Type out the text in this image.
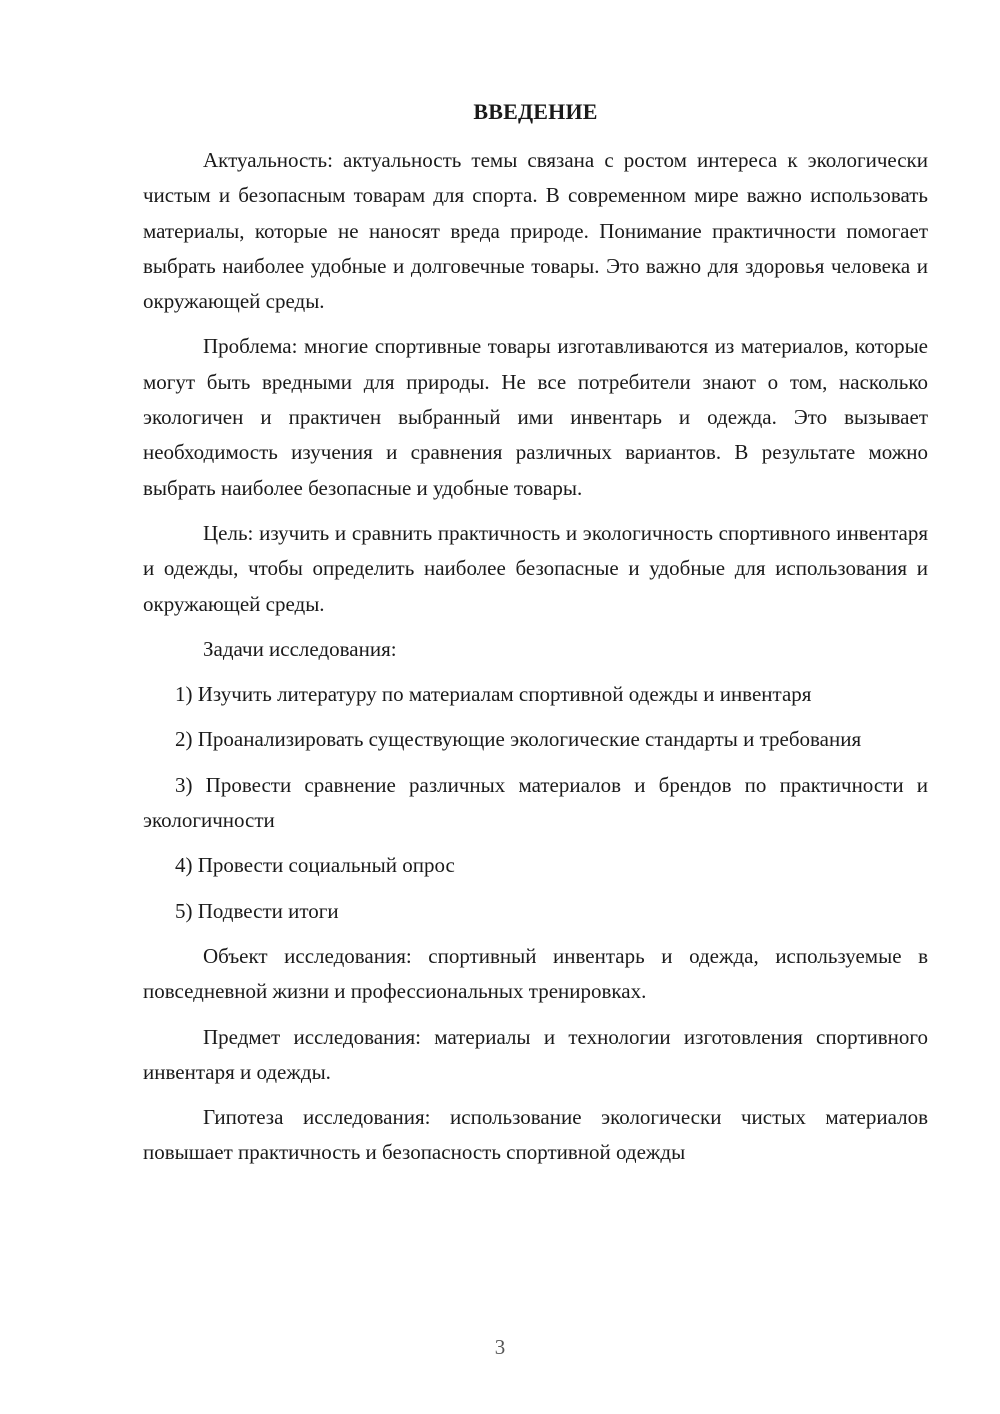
ВВЕДЕНИЕ

Актуальность: актуальность темы связана с ростом интереса к экологически чистым и безопасным товарам для спорта. В современном мире важно использовать материалы, которые не наносят вреда природе. Понимание практичности помогает выбрать наиболее удобные и долговечные товары. Это важно для здоровья человека и окружающей среды.

Проблема: многие спортивные товары изготавливаются из материалов, которые могут быть вредными для природы. Не все потребители знают о том, насколько экологичен и практичен выбранный ими инвентарь и одежда. Это вызывает необходимость изучения и сравнения различных вариантов. В результате можно выбрать наиболее безопасные и удобные товары.

Цель: изучить и сравнить практичность и экологичность спортивного инвентаря и одежды, чтобы определить наиболее безопасные и удобные для использования и окружающей среды.

Задачи исследования:

1) Изучить литературу по материалам спортивной одежды и инвентаря

2) Проанализировать существующие экологические стандарты и требования

3) Провести сравнение различных материалов и брендов по практичности и экологичности

4) Провести социальный опрос

5) Подвести итоги

Объект исследования: спортивный инвентарь и одежда, используемые в повседневной жизни и профессиональных тренировках.

Предмет исследования: материалы и технологии изготовления спортивного инвентаря и одежды.

Гипотеза исследования: использование экологически чистых материалов повышает практичность и безопасность спортивной одежды

3
